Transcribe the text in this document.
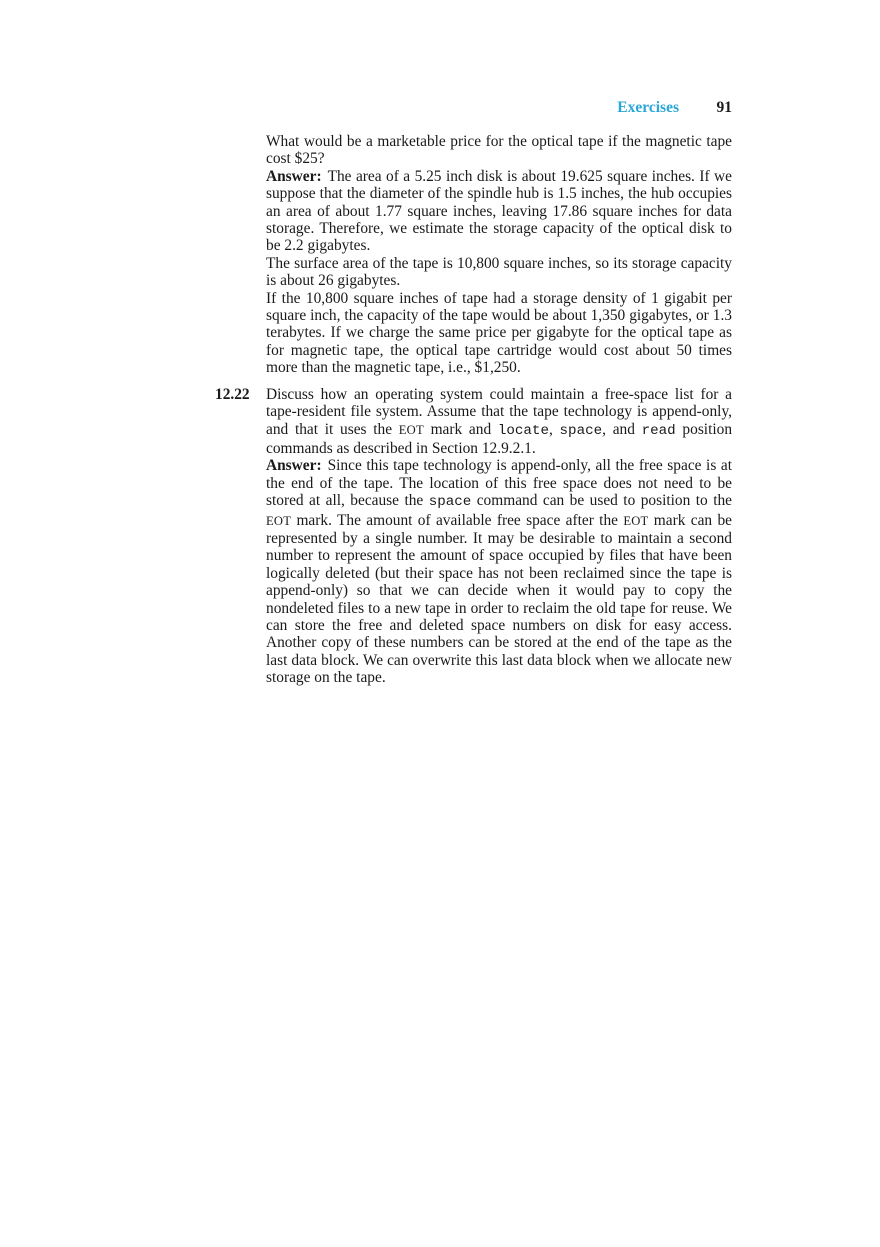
Exercises 91

What would be a marketable price for the optical tape if the magnetic tape cost $25?

Answer: The area of a 5.25 inch disk is about 19.625 square inches. If we suppose that the diameter of the spindle hub is 1.5 inches, the hub occupies an area of about 1.77 square inches, leaving 17.86 square inches for data storage. Therefore, we estimate the storage capacity of the optical disk to be 2.2 gigabytes.

The surface area of the tape is 10,800 square inches, so its storage capacity is about 26 gigabytes.

If the 10,800 square inches of tape had a storage density of 1 gigabit per square inch, the capacity of the tape would be about 1,350 gigabytes, or 1.3 terabytes. If we charge the same price per gigabyte for the optical tape as for magnetic tape, the optical tape cartridge would cost about 50 times more than the magnetic tape, i.e., $1,250.

12.22 Discuss how an operating system could maintain a free-space list for a tape-resident file system. Assume that the tape technology is append-only, and that it uses the EOT mark and locate, space, and read position commands as described in Section 12.9.2.1.

Answer: Since this tape technology is append-only, all the free space is at the end of the tape. The location of this free space does not need to be stored at all, because the space command can be used to position to the EOT mark. The amount of available free space after the EOT mark can be represented by a single number. It may be desirable to maintain a second number to represent the amount of space occupied by files that have been logically deleted (but their space has not been reclaimed since the tape is append-only) so that we can decide when it would pay to copy the nondeleted files to a new tape in order to reclaim the old tape for reuse. We can store the free and deleted space numbers on disk for easy access. Another copy of these numbers can be stored at the end of the tape as the last data block. We can overwrite this last data block when we allocate new storage on the tape.
